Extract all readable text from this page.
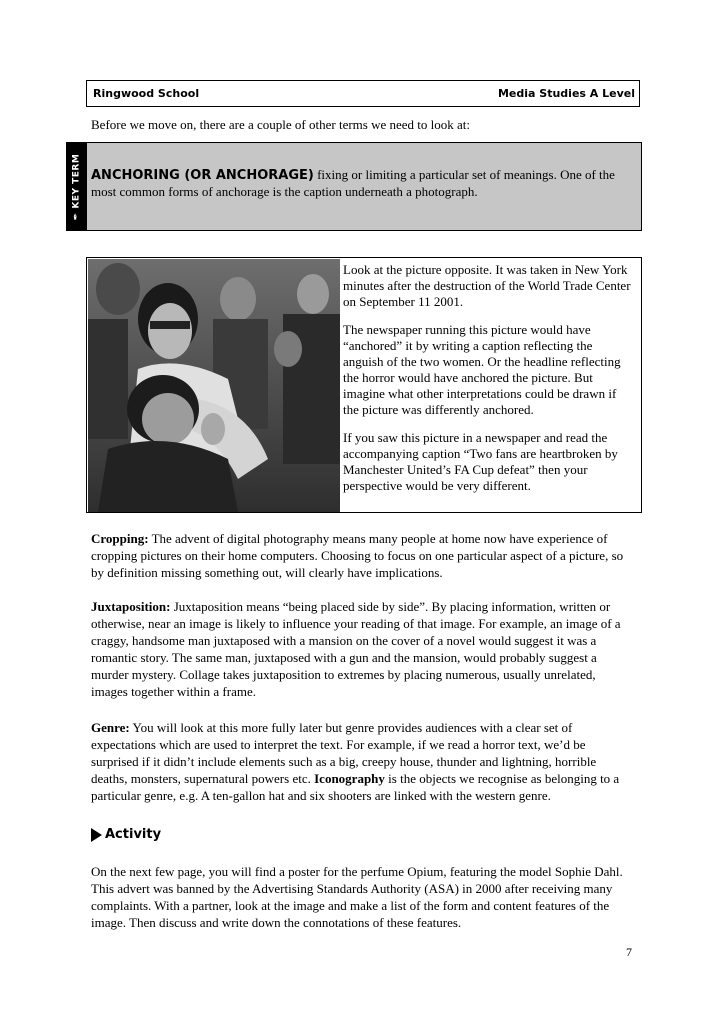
Ringwood School	Media Studies A Level
Before we move on, there are a couple of other terms we need to look at:
✒ KEY TERM ANCHORING (OR ANCHORAGE) fixing or limiting a particular set of meanings. One of the most common forms of anchorage is the caption underneath a photograph.

Look at the picture opposite. It was taken in New York minutes after the destruction of the World Trade Center on September 11 2001.

The newspaper running this picture would have “anchored” it by writing a caption reflecting the anguish of the two women. Or the headline reflecting the horror would have anchored the picture. But imagine what other interpretations could be drawn if the picture was differently anchored.

If you saw this picture in a newspaper and read the accompanying caption “Two fans are heartbroken by Manchester United’s FA Cup defeat” then your perspective would be very different.

Cropping: The advent of digital photography means many people at home now have experience of cropping pictures on their home computers. Choosing to focus on one particular aspect of a picture, so by definition missing something out, will clearly have implications.
Juxtaposition: Juxtaposition means “being placed side by side”. By placing information, written or otherwise, near an image is likely to influence your reading of that image. For example, an image of a craggy, handsome man juxtaposed with a mansion on the cover of a novel would suggest it was a romantic story. The same man, juxtaposed with a gun and the mansion, would probably suggest a murder mystery. Collage takes juxtaposition to extremes by placing numerous, usually unrelated, images together within a frame.
Genre: You will look at this more fully later but genre provides audiences with a clear set of expectations which are used to interpret the text. For example, if we read a horror text, we’d be surprised if it didn’t include elements such as a big, creepy house, thunder and lightning, horrible deaths, monsters, supernatural powers etc. Iconography is the objects we recognise as belonging to a particular genre, e.g. A ten-gallon hat and six shooters are linked with the western genre.
Activity
On the next few page, you will find a poster for the perfume Opium, featuring the model Sophie Dahl. This advert was banned by the Advertising Standards Authority (ASA) in 2000 after receiving many complaints. With a partner, look at the image and make a list of the form and content features of the image. Then discuss and write down the connotations of these features.
7
